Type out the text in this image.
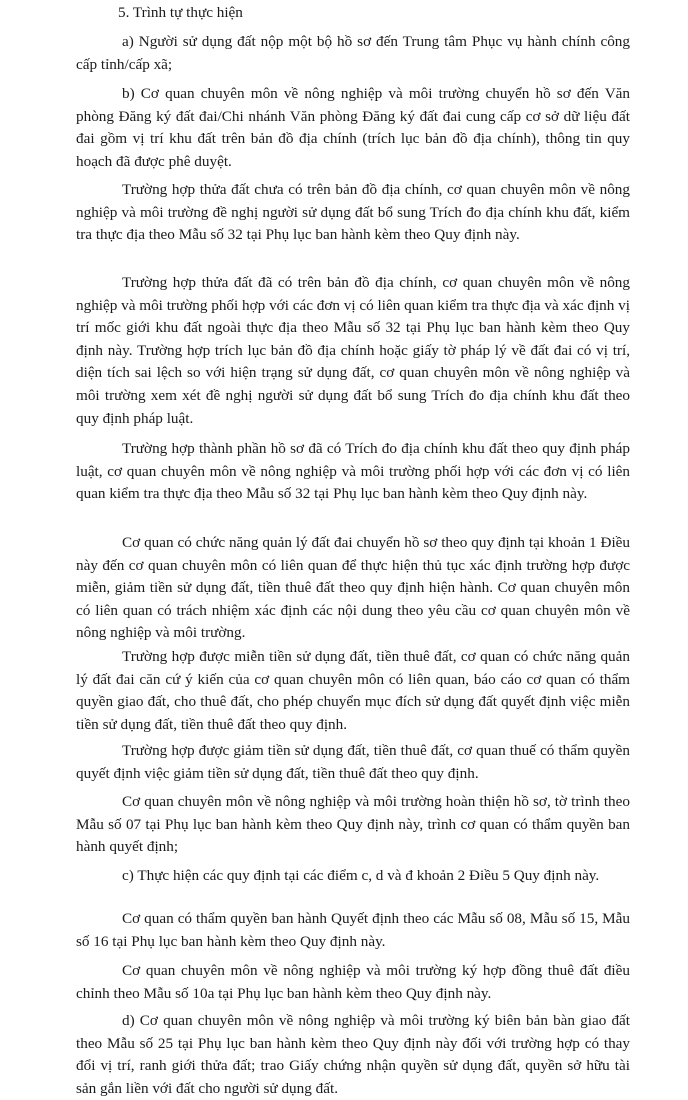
5. Trình tự thực hiện

a) Người sử dụng đất nộp một bộ hồ sơ đến Trung tâm Phục vụ hành chính công cấp tỉnh/cấp xã;

b) Cơ quan chuyên môn về nông nghiệp và môi trường chuyển hồ sơ đến Văn phòng Đăng ký đất đai/Chi nhánh Văn phòng Đăng ký đất đai cung cấp cơ sở dữ liệu đất đai gồm vị trí khu đất trên bản đồ địa chính (trích lục bản đồ địa chính), thông tin quy hoạch đã được phê duyệt.

Trường hợp thửa đất chưa có trên bản đồ địa chính, cơ quan chuyên môn về nông nghiệp và môi trường đề nghị người sử dụng đất bổ sung Trích đo địa chính khu đất, kiểm tra thực địa theo Mẫu số 32 tại Phụ lục ban hành kèm theo Quy định này.

Trường hợp thửa đất đã có trên bản đồ địa chính, cơ quan chuyên môn về nông nghiệp và môi trường phối hợp với các đơn vị có liên quan kiểm tra thực địa và xác định vị trí mốc giới khu đất ngoài thực địa theo Mẫu số 32 tại Phụ lục ban hành kèm theo Quy định này. Trường hợp trích lục bản đồ địa chính hoặc giấy tờ pháp lý về đất đai có vị trí, diện tích sai lệch so với hiện trạng sử dụng đất, cơ quan chuyên môn về nông nghiệp và môi trường xem xét đề nghị người sử dụng đất bổ sung Trích đo địa chính khu đất theo quy định pháp luật.

Trường hợp thành phần hồ sơ đã có Trích đo địa chính khu đất theo quy định pháp luật, cơ quan chuyên môn về nông nghiệp và môi trường phối hợp với các đơn vị có liên quan kiểm tra thực địa theo Mẫu số 32 tại Phụ lục ban hành kèm theo Quy định này.

Cơ quan có chức năng quản lý đất đai chuyển hồ sơ theo quy định tại khoản 1 Điều này đến cơ quan chuyên môn có liên quan để thực hiện thủ tục xác định trường hợp được miễn, giảm tiền sử dụng đất, tiền thuê đất theo quy định hiện hành. Cơ quan chuyên môn có liên quan có trách nhiệm xác định các nội dung theo yêu cầu cơ quan chuyên môn về nông nghiệp và môi trường.

Trường hợp được miễn tiền sử dụng đất, tiền thuê đất, cơ quan có chức năng quản lý đất đai căn cứ ý kiến của cơ quan chuyên môn có liên quan, báo cáo cơ quan có thẩm quyền giao đất, cho thuê đất, cho phép chuyển mục đích sử dụng đất quyết định việc miễn tiền sử dụng đất, tiền thuê đất theo quy định.

Trường hợp được giảm tiền sử dụng đất, tiền thuê đất, cơ quan thuế có thẩm quyền quyết định việc giảm tiền sử dụng đất, tiền thuê đất theo quy định.

Cơ quan chuyên môn về nông nghiệp và môi trường hoàn thiện hồ sơ, tờ trình theo Mẫu số 07 tại Phụ lục ban hành kèm theo Quy định này, trình cơ quan có thẩm quyền ban hành quyết định;

c) Thực hiện các quy định tại các điểm c, d và đ khoản 2 Điều 5 Quy định này.

Cơ quan có thẩm quyền ban hành Quyết định theo các Mẫu số 08, Mẫu số 15, Mẫu số 16 tại Phụ lục ban hành kèm theo Quy định này.

Cơ quan chuyên môn về nông nghiệp và môi trường ký hợp đồng thuê đất điều chỉnh theo Mẫu số 10a tại Phụ lục ban hành kèm theo Quy định này.

d) Cơ quan chuyên môn về nông nghiệp và môi trường ký biên bản bàn giao đất theo Mẫu số 25 tại Phụ lục ban hành kèm theo Quy định này đối với trường hợp có thay đổi vị trí, ranh giới thửa đất; trao Giấy chứng nhận quyền sử dụng đất, quyền sở hữu tài sản gắn liền với đất cho người sử dụng đất.
